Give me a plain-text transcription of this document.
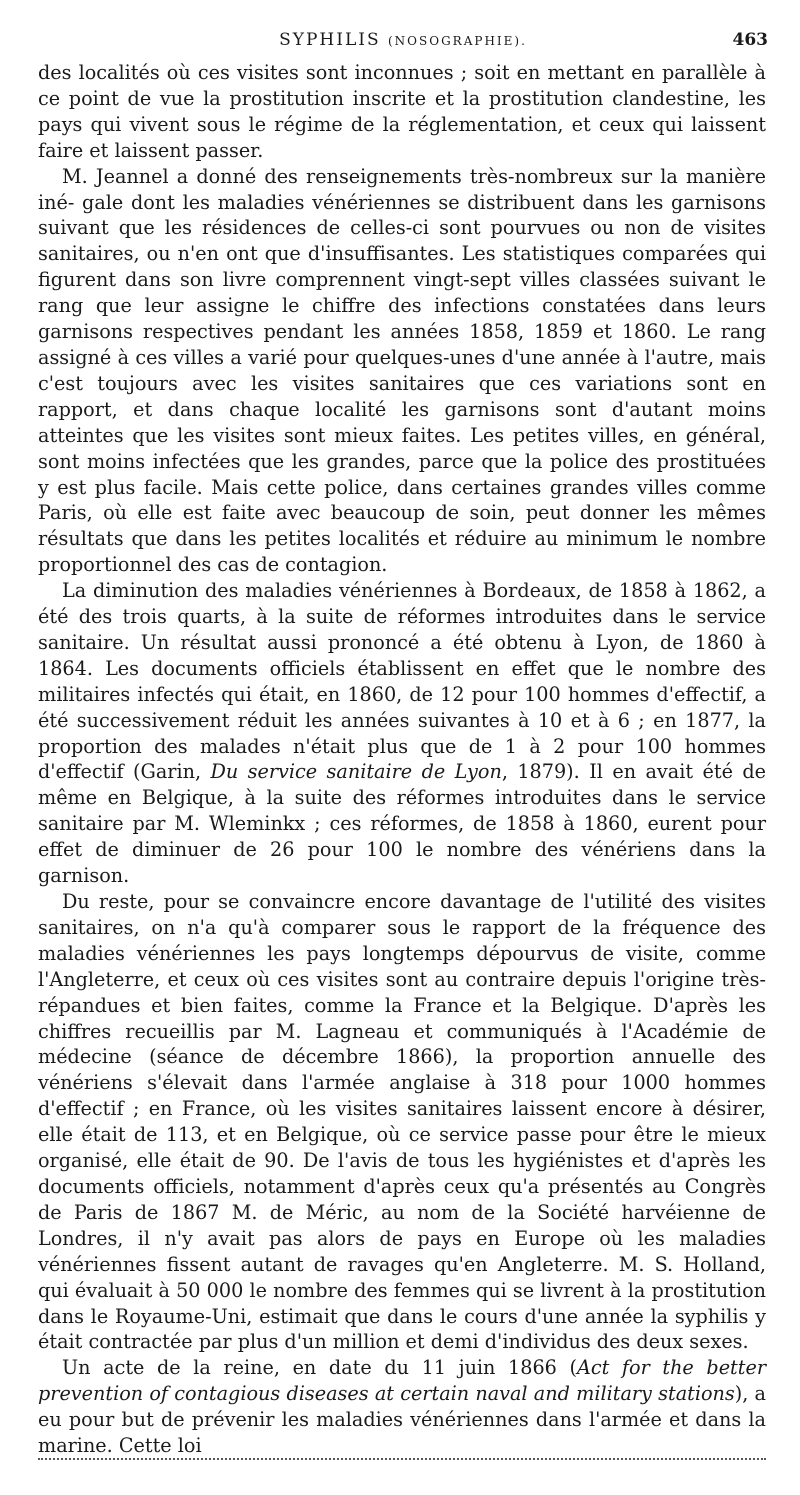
SYPHILIS (NOSOGRAPHIE).	463

des localités où ces visites sont inconnues ; soit en mettant en parallèle à ce point de vue la prostitution inscrite et la prostitution clandestine, les pays qui vivent sous le régime de la réglementation, et ceux qui laissent faire et laissent passer.

M. Jeannel a donné des renseignements très-nombreux sur la manière iné- gale dont les maladies vénériennes se distribuent dans les garnisons suivant que les résidences de celles-ci sont pourvues ou non de visites sanitaires, ou n'en ont que d'insuffisantes. Les statistiques comparées qui figurent dans son livre comprennent vingt-sept villes classées suivant le rang que leur assigne le chiffre des infections constatées dans leurs garnisons respectives pendant les années 1858, 1859 et 1860. Le rang assigné à ces villes a varié pour quelques-unes d'une année à l'autre, mais c'est toujours avec les visites sanitaires que ces variations sont en rapport, et dans chaque localité les garnisons sont d'autant moins atteintes que les visites sont mieux faites. Les petites villes, en général, sont moins infectées que les grandes, parce que la police des prostituées y est plus facile. Mais cette police, dans certaines grandes villes comme Paris, où elle est faite avec beaucoup de soin, peut donner les mêmes résultats que dans les petites localités et réduire au minimum le nombre proportionnel des cas de contagion.

La diminution des maladies vénériennes à Bordeaux, de 1858 à 1862, a été des trois quarts, à la suite de réformes introduites dans le service sanitaire. Un résultat aussi prononcé a été obtenu à Lyon, de 1860 à 1864. Les documents officiels établissent en effet que le nombre des militaires infectés qui était, en 1860, de 12 pour 100 hommes d'effectif, a été successivement réduit les années suivantes à 10 et à 6 ; en 1877, la proportion des malades n'était plus que de 1 à 2 pour 100 hommes d'effectif (Garin, Du service sanitaire de Lyon, 1879). Il en avait été de même en Belgique, à la suite des réformes introduites dans le service sanitaire par M. Wleminkx ; ces réformes, de 1858 à 1860, eurent pour effet de diminuer de 26 pour 100 le nombre des vénériens dans la garnison.

Du reste, pour se convaincre encore davantage de l'utilité des visites sanitaires, on n'a qu'à comparer sous le rapport de la fréquence des maladies vénériennes les pays longtemps dépourvus de visite, comme l'Angleterre, et ceux où ces visites sont au contraire depuis l'origine très-répandues et bien faites, comme la France et la Belgique. D'après les chiffres recueillis par M. Lagneau et communiqués à l'Académie de médecine (séance de décembre 1866), la proportion annuelle des vénériens s'élevait dans l'armée anglaise à 318 pour 1000 hommes d'effectif ; en France, où les visites sanitaires laissent encore à désirer, elle était de 113, et en Belgique, où ce service passe pour être le mieux organisé, elle était de 90. De l'avis de tous les hygiénistes et d'après les documents officiels, notamment d'après ceux qu'a présentés au Congrès de Paris de 1867 M. de Méric, au nom de la Société harvéienne de Londres, il n'y avait pas alors de pays en Europe où les maladies vénériennes fissent autant de ravages qu'en Angleterre. M. S. Holland, qui évaluait à 50 000 le nombre des femmes qui se livrent à la prostitution dans le Royaume-Uni, estimait que dans le cours d'une année la syphilis y était contractée par plus d'un million et demi d'individus des deux sexes.

Un acte de la reine, en date du 11 juin 1866 (Act for the better prevention of contagious diseases at certain naval and military stations), a eu pour but de prévenir les maladies vénériennes dans l'armée et dans la marine. Cette loi
